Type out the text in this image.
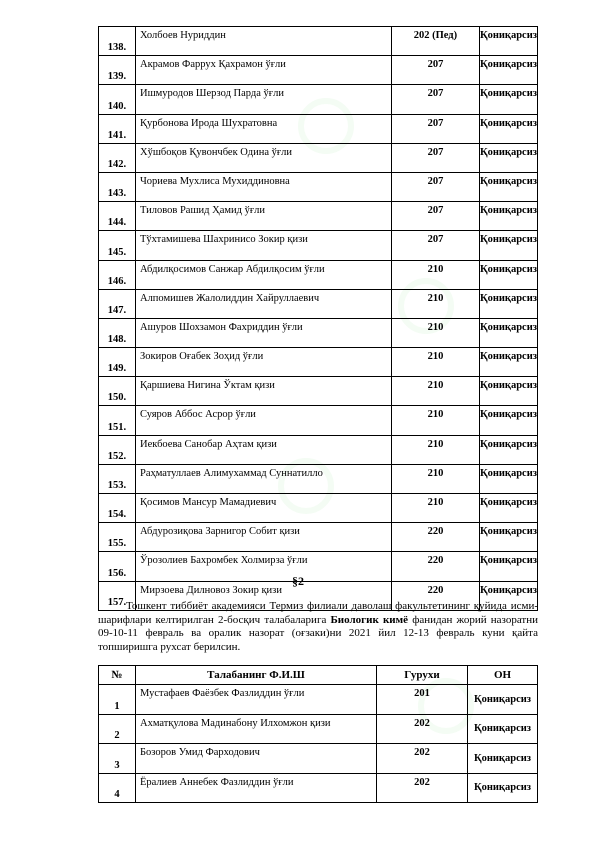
138.	Холбоев Нуриддин	202 (Пед)	Қониқарсиз
139.	Акрамов Фаррух Қахрамон ўғли	207	Қониқарсиз
140.	Ишмуродов Шерзод Парда ўғли	207	Қониқарсиз
141.	Қурбонова Ирода Шухратовна	207	Қониқарсиз
142.	Хўшбоқов Қувончбек Одина ўғли	207	Қониқарсиз
143.	Чориева Мухлиса Мухиддиновна	207	Қониқарсиз
144.	Тиловов Рашид Ҳамид ўғли	207	Қониқарсиз
145.	Тўхтамишева Шахринисо Зокир қизи	207	Қониқарсиз
146.	Абдилқосимов Санжар Абдилқосим ўғли	210	Қониқарсиз
147.	Алпомишев Жалолиддин Хайруллаевич	210	Қониқарсиз
148.	Ашуров Шохзамон Фахриддин ўғли	210	Қониқарсиз
149.	Зокиров Оғабек Зоҳид ўғли	210	Қониқарсиз
150.	Қаршиева Нигина Ўктам қизи	210	Қониқарсиз
151.	Суяров Аббос Асрор ўғли	210	Қониқарсиз
152.	Иекбоева Санобар Аҳтам қизи	210	Қониқарсиз
153.	Раҳматуллаев Алимухаммад Суннатилло	210	Қониқарсиз
154.	Қосимов Мансур Мамадиевич	210	Қониқарсиз
155.	Абдурозиқова Зарнигор Собит қизи	220	Қониқарсиз
156.	Ўрозолиев Бахромбек Холмирза ўғли	220	Қониқарсиз
157.	Мирзоева Дилновоз Зокир қизи	220	Қониқарсиз
§2
Тошкент тиббиёт академияси Термиз филиали даволаш факультетининг қуйида исми-шарифлари келтирилган 2-босқич талабаларига Биологик кимё фанидан жорий назоратни 09-10-11 февраль ва оралик назорат (оғзаки)ни 2021 йил 12-13 февраль куни қайта топширишга рухсат берилсин.
№	Талабанинг Ф.И.Ш	Гурухи	ОН
1	Мустафаев Фаёзбек Фазлиддин ўғли	201	Қониқарсиз
2	Ахматқулова Мадинабону Илхомжон қизи	202	Қониқарсиз
3	Бозоров Умид Фарходович	202	Қониқарсиз
4	Ёралиев Аннебек Фазлиддин ўғли	202	Қониқарсиз
